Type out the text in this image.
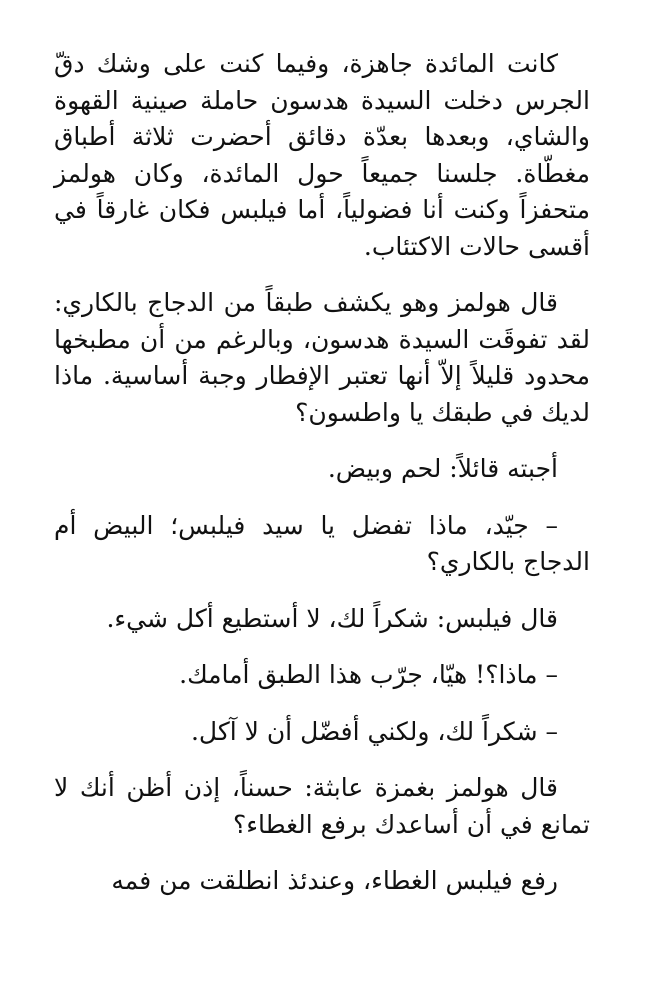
كانت المائدة جاهزة، وفيما كنت على وشك دقّ الجرس دخلت السيدة هدسون حاملة صينية القهوة والشاي، وبعدها بعدّة دقائق أحضرت ثلاثة أطباق مغطّاة. جلسنا جميعاً حول المائدة، وكان هولمز متحفزاً وكنت أنا فضولياً، أما فيلبس فكان غارقاً في أقسى حالات الاكتئاب.

قال هولمز وهو يكشف طبقاً من الدجاج بالكاري: لقد تفوقَت السيدة هدسون، وبالرغم من أن مطبخها محدود قليلاً إلاّ أنها تعتبر الإفطار وجبة أساسية. ماذا لديك في طبقك يا واطسون؟

أجبته قائلاً: لحم وبيض.

– جيّد، ماذا تفضل يا سيد فيلبس؛ البيض أم الدجاج بالكاري؟

قال فيلبس: شكراً لك، لا أستطيع أكل شيء.

– ماذا؟! هيّا، جرّب هذا الطبق أمامك.

– شكراً لك، ولكني أفضّل أن لا آكل.

قال هولمز بغمزة عابثة: حسناً، إذن أظن أنك لا تمانع في أن أساعدك برفع الغطاء؟

رفع فيلبس الغطاء، وعندئذ انطلقت من فمه
